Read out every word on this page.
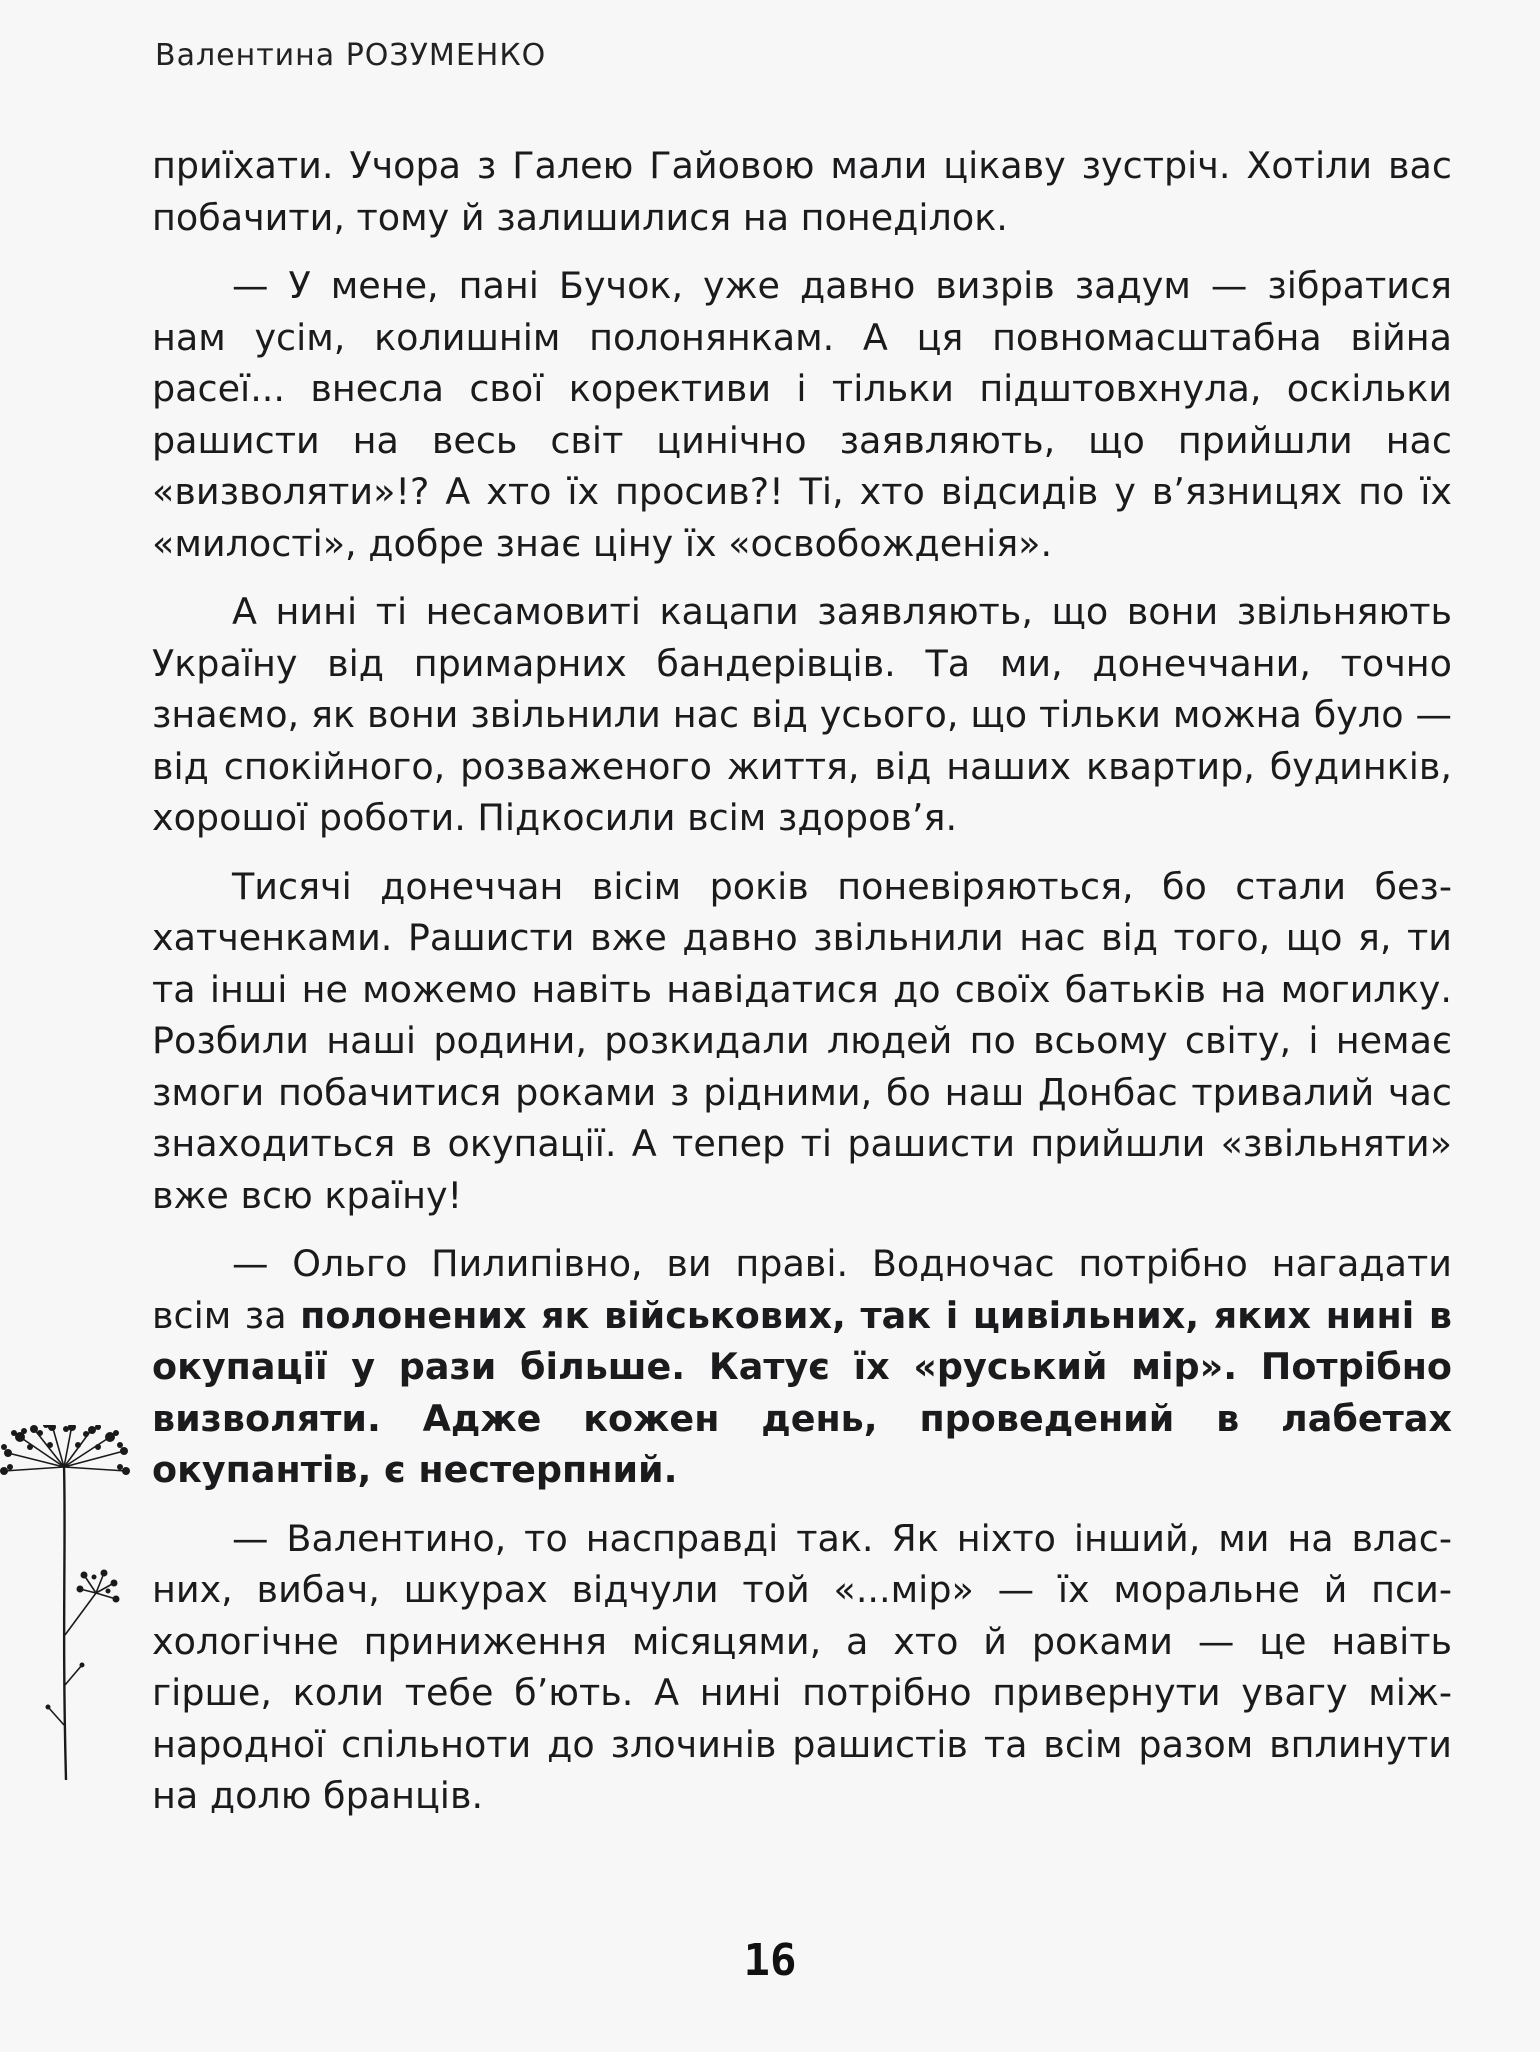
Валентина РОЗУМЕНКО

приїхати. Учора з Галею Гайовою мали цікаву зустріч. Хотіли вас побачити, тому й залишилися на понеділок.

— У мене, пані Бучок, уже давно визрів задум — зібратися нам усім, колишнім полонянкам. А ця повномасштабна війна расеї... внесла свої корективи і тільки підштовхнула, оскільки рашисти на весь світ цинічно заявляють, що прийшли нас «визволяти»!? А хто їх просив?! Ті, хто відсидів у в’язницях по їх «милості», добре знає ціну їх «освобожденія».

А нині ті несамовиті кацапи заявляють, що вони звільняють Україну від примарних бандерівців. Та ми, донеччани, точно знаємо, як вони звільнили нас від усього, що тільки можна було — від спокійного, розваженого життя, від наших квартир, будинків, хорошої роботи. Підкосили всім здоров’я.

Тисячі донеччан вісім років поневіряються, бо стали безхатченками. Рашисти вже давно звільнили нас від того, що я, ти та інші не можемо навіть навідатися до своїх батьків на могилку. Розбили наші родини, розкидали людей по всьому світу, і немає змоги побачитися роками з рідними, бо наш Донбас тривалий час знаходиться в окупації. А тепер ті рашисти прийшли «звільняти» вже всю країну!

— Ольго Пилипівно, ви праві. Водночас потрібно нагадати всім за полонених як військових, так і цивільних, яких нині в окупації у рази більше. Катує їх «руський мір». Потрібно визволяти. Адже кожен день, проведений в лабетах окупантів, є нестерпний.

— Валентино, то насправді так. Як ніхто інший, ми на власних, вибач, шкурах відчули той «...мір» — їх моральне й психологічне приниження місяцями, а хто й роками — це навіть гірше, коли тебе б’ють. А нині потрібно привернути увагу міжнародної спільноти до злочинів рашистів та всім разом вплинути на долю бранців.

16
